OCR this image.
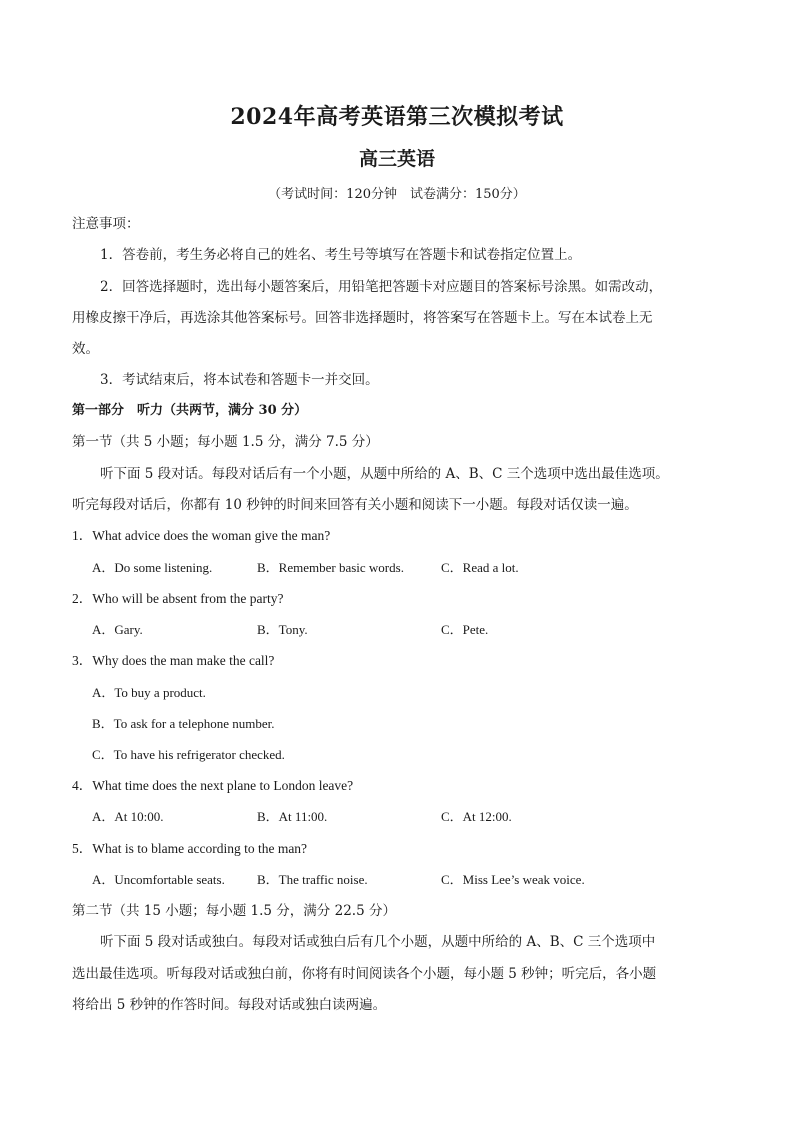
2024年高考英语第三次模拟考试
高三英语
（考试时间：120分钟　试卷满分：150分）
注意事项：
1．答卷前，考生务必将自己的姓名、考生号等填写在答题卡和试卷指定位置上。
2．回答选择题时，选出每小题答案后，用铅笔把答题卡对应题目的答案标号涂黑。如需改动，
用橡皮擦干净后，再选涂其他答案标号。回答非选择题时，将答案写在答题卡上。写在本试卷上无
效。
3．考试结束后，将本试卷和答题卡一并交回。
第一部分　听力（共两节，满分 30 分）
第一节（共 5 小题；每小题 1.5 分，满分 7.5 分）
听下面 5 段对话。每段对话后有一个小题，从题中所给的 A、B、C 三个选项中选出最佳选项。
听完每段对话后，你都有 10 秒钟的时间来回答有关小题和阅读下一小题。每段对话仅读一遍。
1．What advice does the woman give the man?
A．Do some listening.	B．Remember basic words.	C．Read a lot.
2．Who will be absent from the party?
A．Gary.	B．Tony.	C．Pete.
3．Why does the man make the call?
A．To buy a product.
B．To ask for a telephone number.
C．To have his refrigerator checked.
4．What time does the next plane to London leave?
A．At 10:00.	B．At 11:00.	C．At 12:00.
5．What is to blame according to the man?
A．Uncomfortable seats. B．The traffic noise.	C．Miss Lee’s weak voice.
第二节（共 15 小题；每小题 1.5 分，满分 22.5 分）
听下面 5 段对话或独白。每段对话或独白后有几个小题，从题中所给的 A、B、C 三个选项中
选出最佳选项。听每段对话或独白前，你将有时间阅读各个小题，每小题 5 秒钟；听完后，各小题
将给出 5 秒钟的作答时间。每段对话或独白读两遍。
